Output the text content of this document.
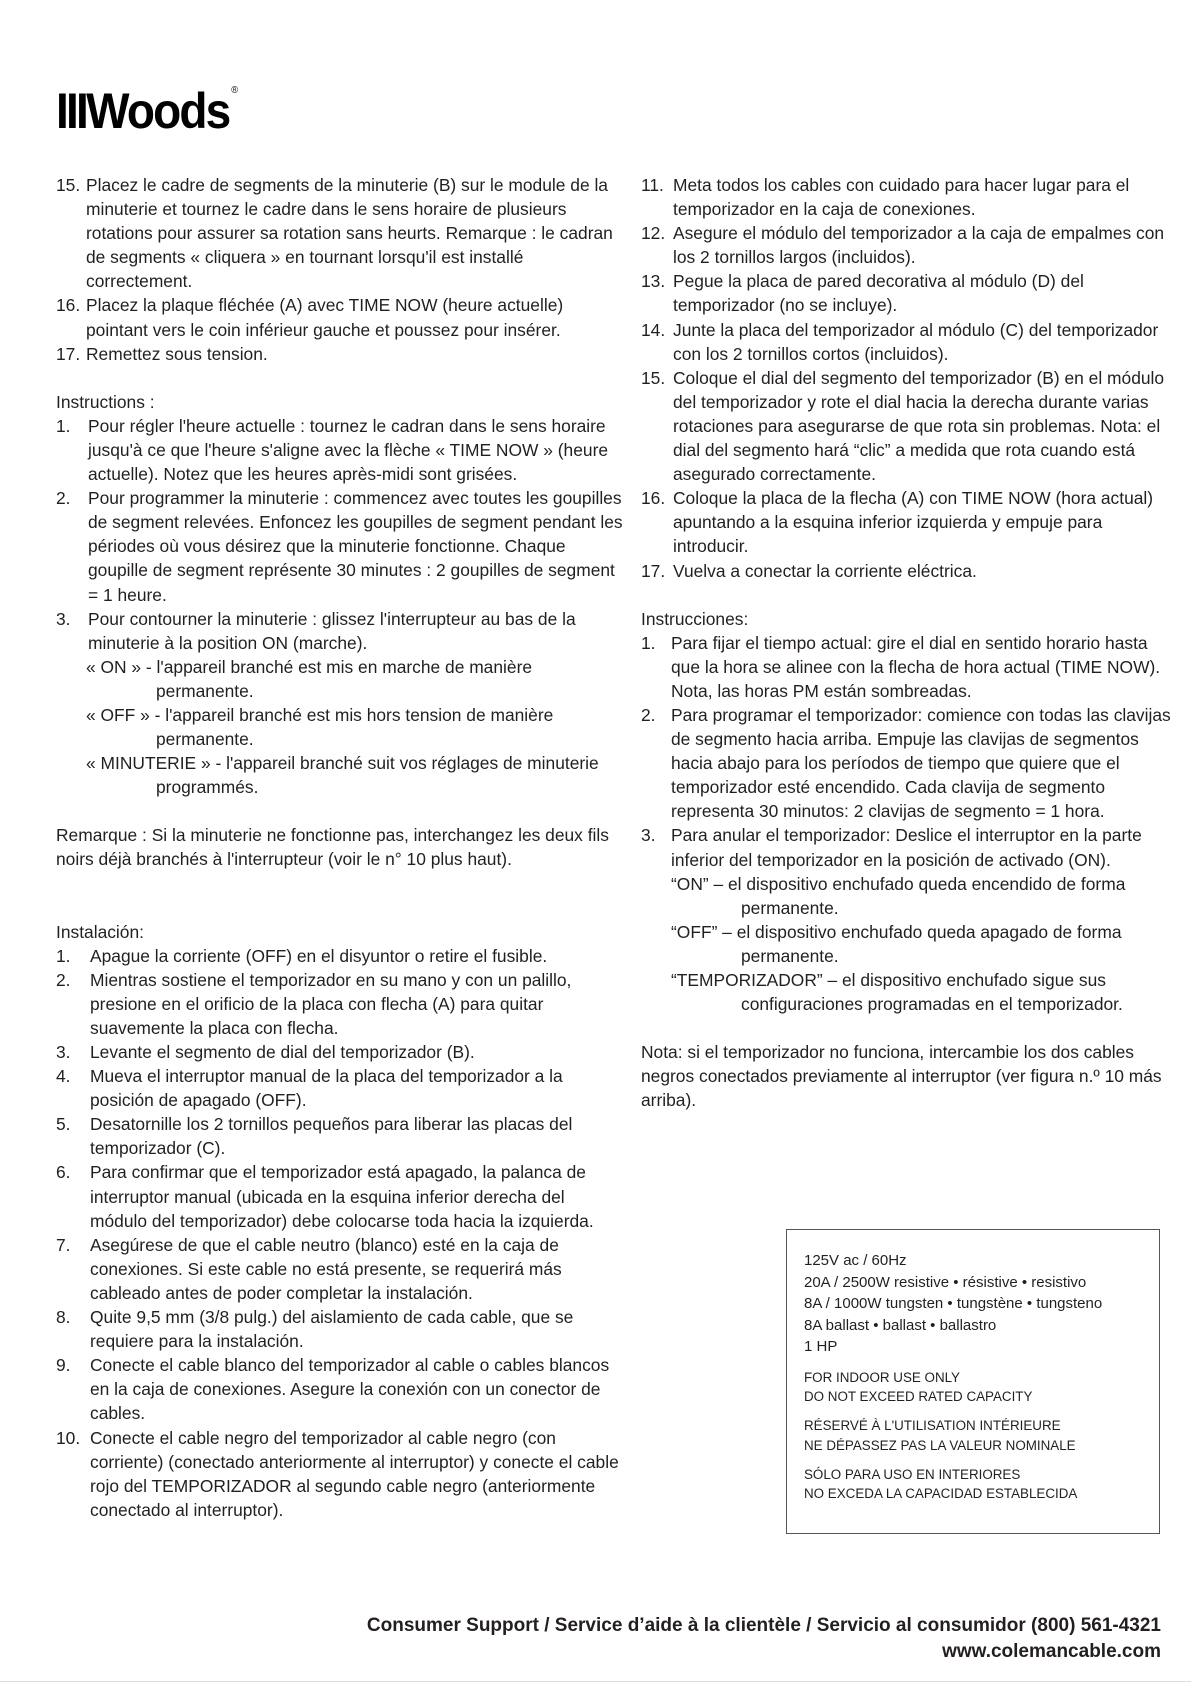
IIIWoods ®

15. Placez le cadre de segments de la minuterie (B) sur le module de la minuterie et tournez le cadre dans le sens horaire de plusieurs rotations pour assurer sa rotation sans heurts. Remarque : le cadran de segments « cliquera » en tournant lorsqu'il est installé correctement.

16. Placez la plaque fléchée (A) avec TIME NOW (heure actuelle) pointant vers le coin inférieur gauche et poussez pour insérer.

17. Remettez sous tension.

Instructions :

1. Pour régler l'heure actuelle : tournez le cadran dans le sens horaire jusqu'à ce que l'heure s'aligne avec la flèche « TIME NOW » (heure actuelle). Notez que les heures après-midi sont grisées.

2. Pour programmer la minuterie : commencez avec toutes les goupilles de segment relevées. Enfoncez les goupilles de segment pendant les périodes où vous désirez que la minuterie fonctionne. Chaque goupille de segment représente 30 minutes : 2 goupilles de segment = 1 heure.

3. Pour contourner la minuterie : glissez l'interrupteur au bas de la minuterie à la position ON (marche).

« ON » - l'appareil branché est mis en marche de manière
permanente.

« OFF » - l'appareil branché est mis hors tension de manière
permanente.

« MINUTERIE » - l'appareil branché suit vos réglages de minuterie
programmés.

Remarque : Si la minuterie ne fonctionne pas, interchangez les deux fils noirs déjà branchés à l'interrupteur (voir le n° 10 plus haut).

Instalación:

1. Apague la corriente (OFF) en el disyuntor o retire el fusible.

2. Mientras sostiene el temporizador en su mano y con un palillo, presione en el orificio de la placa con flecha (A) para quitar suavemente la placa con flecha.

3. Levante el segmento de dial del temporizador (B).

4. Mueva el interruptor manual de la placa del temporizador a la posición de apagado (OFF).

5. Desatornille los 2 tornillos pequeños para liberar las placas del temporizador (C).

6. Para confirmar que el temporizador está apagado, la palanca de interruptor manual (ubicada en la esquina inferior derecha del módulo del temporizador) debe colocarse toda hacia la izquierda.

7. Asegúrese de que el cable neutro (blanco) esté en la caja de conexiones. Si este cable no está presente, se requerirá más cableado antes de poder completar la instalación.

8. Quite 9,5 mm (3/8 pulg.) del aislamiento de cada cable, que se requiere para la instalación.

9. Conecte el cable blanco del temporizador al cable o cables blancos en la caja de conexiones. Asegure la conexión con un conector de cables.

10. Conecte el cable negro del temporizador al cable negro (con corriente) (conectado anteriormente al interruptor) y conecte el cable rojo del TEMPORIZADOR al segundo cable negro (anteriormente conectado al interruptor).

11. Meta todos los cables con cuidado para hacer lugar para el temporizador en la caja de conexiones.

12. Asegure el módulo del temporizador a la caja de empalmes con los 2 tornillos largos (incluidos).

13. Pegue la placa de pared decorativa al módulo (D) del temporizador (no se incluye).

14. Junte la placa del temporizador al módulo (C) del temporizador con los 2 tornillos cortos (incluidos).

15. Coloque el dial del segmento del temporizador (B) en el módulo del temporizador y rote el dial hacia la derecha durante varias rotaciones para asegurarse de que rota sin problemas. Nota: el dial del segmento hará “clic” a medida que rota cuando está asegurado correctamente.

16. Coloque la placa de la flecha (A) con TIME NOW (hora actual) apuntando a la esquina inferior izquierda y empuje para introducir.

17. Vuelva a conectar la corriente eléctrica.

Instrucciones:

1. Para fijar el tiempo actual: gire el dial en sentido horario hasta que la hora se alinee con la flecha de hora actual (TIME NOW). Nota, las horas PM están sombreadas.

2. Para programar el temporizador: comience con todas las clavijas de segmento hacia arriba. Empuje las clavijas de segmentos hacia abajo para los períodos de tiempo que quiere que el temporizador esté encendido. Cada clavija de segmento representa 30 minutos: 2 clavijas de segmento = 1 hora.

3. Para anular el temporizador: Deslice el interruptor en la parte inferior del temporizador en la posición de activado (ON).

“ON” – el dispositivo enchufado queda encendido de forma
permanente.

“OFF” – el dispositivo enchufado queda apagado de forma
permanente.

“TEMPORIZADOR” – el dispositivo enchufado sigue sus
configuraciones programadas en el temporizador.

Nota: si el temporizador no funciona, intercambie los dos cables negros conectados previamente al interruptor (ver figura n.º 10 más arriba).

125V ac / 60Hz
20A / 2500W resistive • résistive • resistivo
8A / 1000W tungsten • tungstène • tungsteno
8A ballast • ballast • ballastro
1 HP

FOR INDOOR USE ONLY

DO NOT EXCEED RATED CAPACITY

RÉSERVÉ À L'UTILISATION INTÉRIEURE

NE DÉPASSEZ PAS LA VALEUR NOMINALE

SÓLO PARA USO EN INTERIORES

NO EXCEDA LA CAPACIDAD ESTABLECIDA

Consumer Support / Service d’aide à la clientèle / Servicio al consumidor (800) 561-4321
www.colemancable.com
